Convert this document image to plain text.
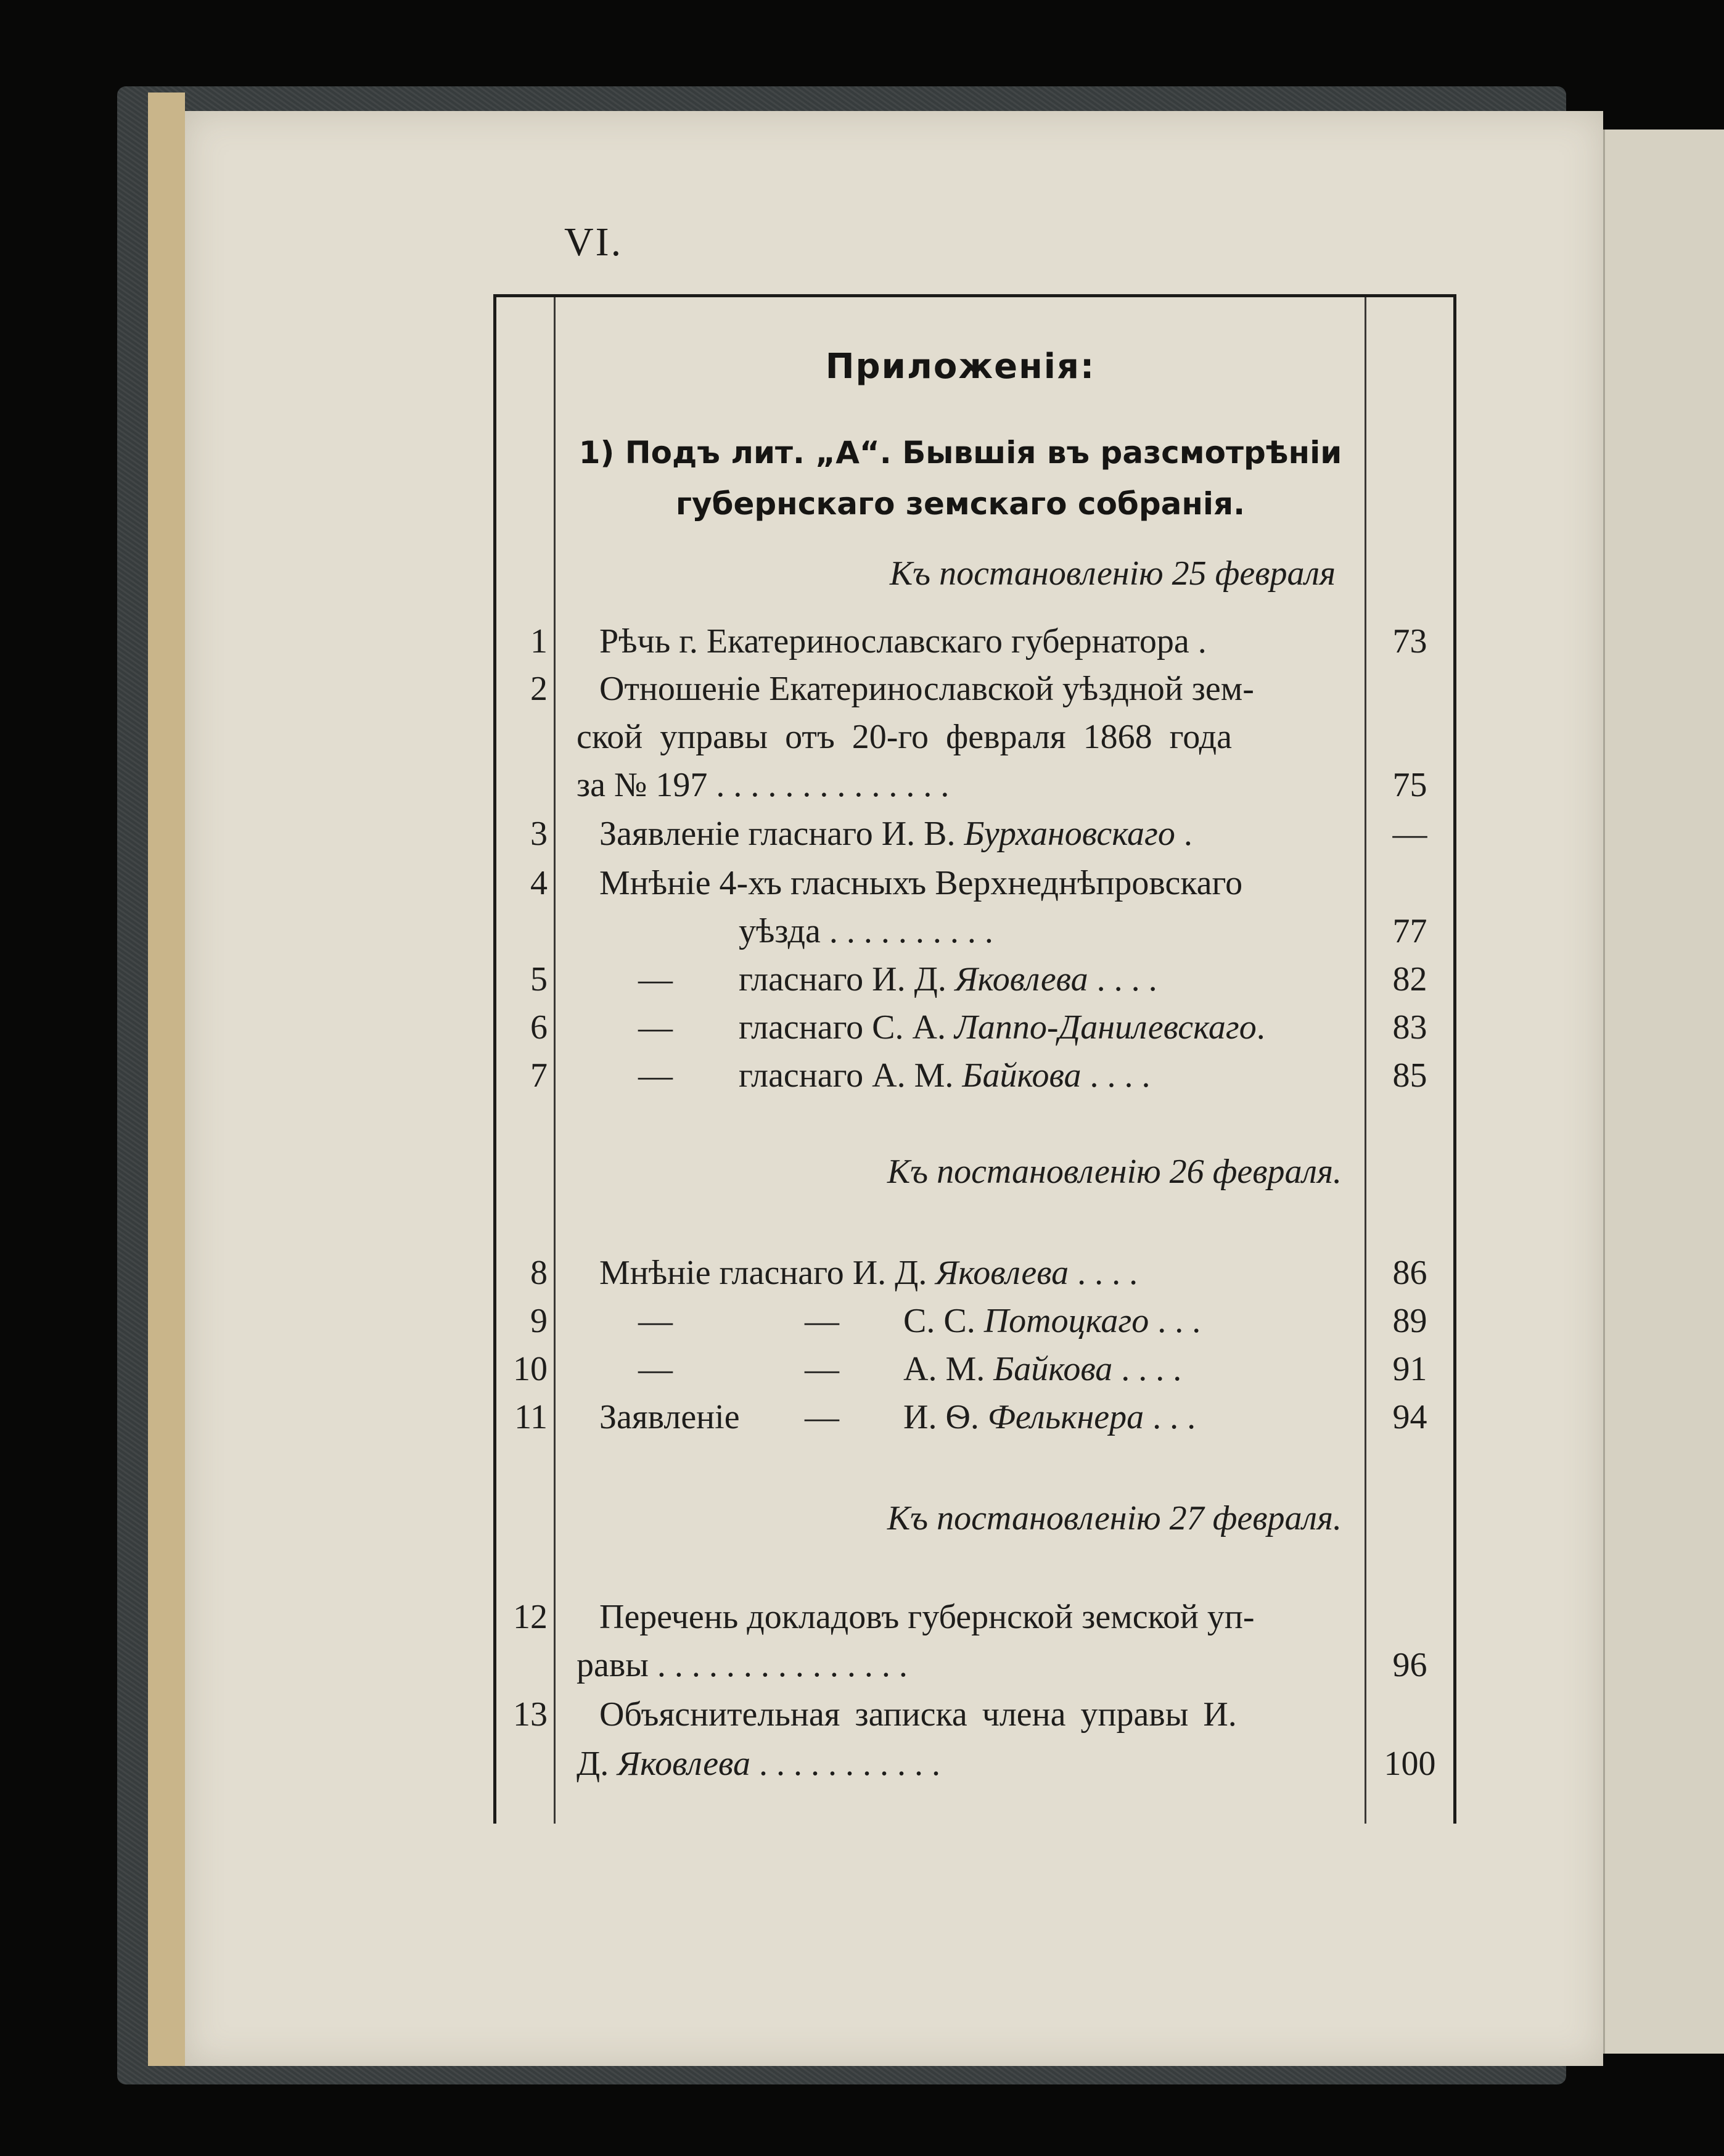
VI.
Приложенія:
1) Подъ лит. „А“. Бывшія въ разсмотрѣніи
губернскаго земскаго собранія.
Къ постановленію 25 февраля
1 Рѣчь г. Екатеринославскаго губернатора .	73
2 Отношеніе Екатеринославской уѣздной зем-
ской управы отъ 20-го февраля 1868 года
за № 197 . . . . . . . . . . . . . .	75
3 Заявленіе гласнаго И. В. Бурхановскаго .	—
4 Мнѣніе 4-хъ гласныхъ Верхнеднѣпровскаго
уѣзда . . . . . . . . . .	77
5	— гласнаго И. Д. Яковлева . . . .	82
6	— гласнаго С. А. Лаппо-Данилевскаго.	83
7	— гласнаго А. М. Байкова . . . .	85
Къ постановленію 26 февраля.
8 Мнѣніе гласнаго И. Д. Яковлева . . . .	86
9	—	— С. С. Потоцкаго . . .	89
10	—	— А. М. Байкова . . . .	91
11 Заявленіе — И. Ѳ. Фелькнера . . .	94
Къ постановленію 27 февраля.
12 Перечень докладовъ губернской земской уп-
равы . . . . . . . . . . . . . . .	96
13 Объяснительная записка члена управы И.
Д. Яковлева . . . . . . . . . . .	100
